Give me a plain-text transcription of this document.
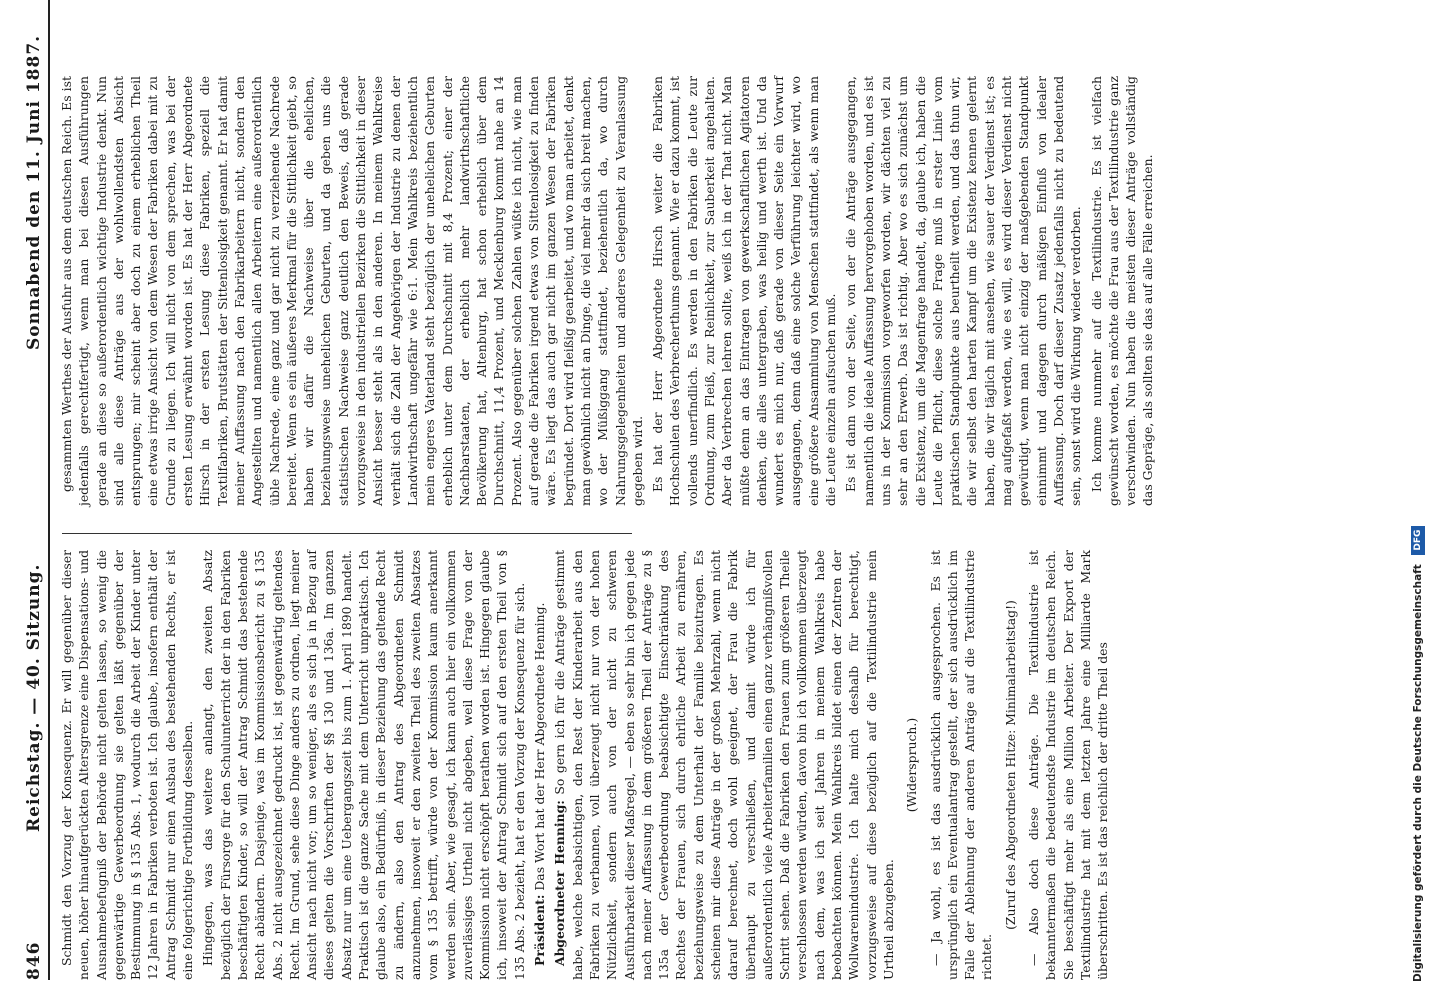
846
Reichstag. — 40. Sitzung.
Sonnabend den 11. Juni 1887.

Schmidt den Vorzug der Konsequenz. Er will gegenüber dieser neuen, höher hinaufgerückten Altersgrenze eine Dispensations- und Ausnahmebefugniß der Behörde nicht gelten lassen, so wenig die gegenwärtige Gewerbeordnung sie gelten läßt gegenüber der Bestimmung in § 135 Abs. 1, wodurch die Arbeit der Kinder unter 12 Jahren in Fabriken verboten ist. Ich glaube, insofern enthält der Antrag Schmidt nur einen Ausbau des bestehenden Rechts, er ist eine folgerichtige Fortbildung desselben. Hingegen, was das weitere anlangt, den zweiten Absatz bezüglich der Fürsorge für den Schulunterricht der in den Fabriken beschäftigten Kinder, so will der Antrag Schmidt das bestehende Recht abändern. Dasjenige, was im Kommissionsbericht zu § 135 Abs. 2 nicht ausgezeichnet gedruckt ist, ist gegenwärtig geltendes Recht. Im Grund, sehe diese Dinge anders zu ordnen, liegt meiner Ansicht nach nicht vor; um so weniger, als es sich ja in Bezug auf dieses gelten die Vorschriften der §§ 130 und 136a. Im ganzen Absatz nur um eine Uebergangszeit bis zum 1. April 1890 handelt. Praktisch ist die ganze Sache mit dem Unterricht unpraktisch. Ich glaube also, ein Bedürfniß, in dieser Beziehung das geltende Recht zu ändern, also den Antrag des Abgeordneten Schmidt anzunehmen, insoweit er den zweiten Theil des zweiten Absatzes vom § 135 betrifft, würde von der Kommission kaum anerkannt werden sein. Aber, wie gesagt, ich kann auch hier ein vollkommen zuverlässiges Urtheil nicht abgeben, weil diese Frage von der Kommission nicht erschöpft berathen worden ist. Hingegen glaube ich, insoweit der Antrag Schmidt sich auf den ersten Theil von § 135 Abs. 2 bezieht, hat er den Vorzug der Konsequenz für sich. Präsident: Das Wort hat der Herr Abgeordnete Henning. Abgeordneter Henning: So gern ich für die Anträge gestimmt habe, welche beabsichtigen, den Rest der Kinderarbeit aus den Fabriken zu verbannen, voll überzeugt nicht nur von der hohen Nützlichkeit, sondern auch von der nicht zu schweren Ausführbarkeit dieser Maßregel, — eben so sehr bin ich gegen jede nach meiner Auffassung in dem größeren Theil der Anträge zu § 135a der Gewerbeordnung beabsichtigte Einschränkung des Rechtes der Frauen, sich durch ehrliche Arbeit zu ernähren, beziehungsweise zu dem Unterhalt der Familie beizutragen. Es scheinen mir diese Anträge in der großen Mehrzahl, wenn nicht darauf berechnet, doch wohl geeignet, der Frau die Fabrik überhaupt zu verschließen, und damit würde ich für außerordentlich viele Arbeiterfamilien einen ganz verhängnißvollen Schritt sehen. Daß die Fabriken den Frauen zum größeren Theile verschlossen werden würden, davon bin ich vollkommen überzeugt nach dem, was ich seit Jahren in meinem Wahlkreis habe beobachten können. Mein Wahlkreis bildet einen der Zentren der Wollwarenindustrie. Ich halte mich deshalb für berechtigt, vorzugsweise auf diese bezüglich auf die Textilindustrie mein Urtheil abzugeben.

(Widerspruch.) — Ja wohl, es ist das ausdrücklich ausgesprochen. Es ist ursprünglich ein Eventualantrag gestellt, der sich ausdrücklich im Falle der Ablehnung der anderen Anträge auf die Textilindustrie richtet.

(Zuruf des Abgeordneten Hitze: Minimalarbeitstag!) — Also doch diese Anträge. Die Textilindustrie ist bekanntermaßen die bedeutendste Industrie im deutschen Reich. Sie beschäftigt mehr als eine Million Arbeiter. Der Export der Textilindustrie hat mit dem letzten Jahre eine Milliarde Mark überschritten. Es ist das reichlich der dritte Theil des

gesammten Werthes der Ausfuhr aus dem deutschen Reich. Es ist jedenfalls gerechtfertigt, wenn man bei diesen Ausführungen gerade an diese so außerordentlich wichtige Industrie denkt. Nun sind alle diese Anträge aus der wohlwollendsten Absicht entsprungen; mir scheint aber doch zu einem erheblichen Theil eine etwas irrige Ansicht von dem Wesen der Fabriken dabei mit zu Grunde zu liegen. Ich will nicht von dem sprechen, was bei der ersten Lesung erwähnt worden ist. Es hat der Herr Abgeordnete Hirsch in der ersten Lesung diese Fabriken, speziell die Textilfabriken, Brutstätten der Sittenlosigkeit genannt. Er hat damit meiner Auffassung nach den Fabrikarbeitern nicht, sondern den Angestellten und namentlich allen Arbeitern eine außerordentlich üble Nachrede, eine ganz und gar nicht zu verziehende Nachrede bereitet. Wenn es ein äußeres Merkmal für die Sittlichkeit giebt, so haben wir dafür die Nachweise über die ehelichen, beziehungsweise unehelichen Geburten, und da geben uns die statistischen Nachweise ganz deutlich den Beweis, daß gerade vorzugsweise in den industriellen Bezirken die Sittlichkeit in dieser Ansicht besser steht als in den anderen. In meinem Wahlkreise verhält sich die Zahl der Angehörigen der Industrie zu denen der Landwirthschaft ungefähr wie 6:1. Mein Wahlkreis beziehentlich mein engeres Vaterland steht bezüglich der unehelichen Geburten erheblich unter dem Durchschnitt mit 8,4 Prozent; einer der Nachbarstaaten, der erheblich mehr landwirthschaftliche Bevölkerung hat, Altenburg, hat schon erheblich über dem Durchschnitt, 11,4 Prozent, und Mecklenburg kommt nahe an 14 Prozent. Also gegenüber solchen Zahlen wüßte ich nicht, wie man auf gerade die Fabriken irgend etwas von Sittenlosigkeit zu finden wäre. Es liegt das auch gar nicht im ganzen Wesen der Fabriken begründet. Dort wird fleißig gearbeitet, und wo man arbeitet, denkt man gewöhnlich nicht an Dinge, die viel mehr da sich breit machen, wo der Müßiggang stattfindet, beziehentlich da, wo durch Nahrungsgelegenheiten und anderes Gelegenheit zu Veranlassung gegeben wird. Es hat der Herr Abgeordnete Hirsch weiter die Fabriken Hochschulen des Verbrecherthums genannt. Wie er dazu kommt, ist vollends unerfindlich. Es werden in den Fabriken die Leute zur Ordnung, zum Fleiß, zur Reinlichkeit, zur Sauberkeit angehalten. Aber da Verbrechen lehren sollte, weiß ich in der That nicht. Man müßte denn an das Eintragen von gewerkschaftlichen Agitatoren denken, die alles untergraben, was heilig und werth ist. Und da wundert es mich nur, daß gerade von dieser Seite ein Vorwurf ausgegangen, denn daß eine solche Verführung leichter wird, wo eine größere Ansammlung von Menschen stattfindet, als wenn man die Leute einzeln aufsuchen muß. Es ist dann von der Seite, von der die Anträge ausgegangen, namentlich die ideale Auffassung hervorgehoben worden, und es ist uns in der Kommission vorgeworfen worden, wir dächten viel zu sehr an den Erwerb. Das ist richtig. Aber wo es sich zunächst um die Existenz, um die Magenfrage handelt, da, glaube ich, haben die Leute die Pflicht, diese solche Frage muß in erster Linie vom praktischen Standpunkte aus beurtheilt werden, und das thun wir, die wir selbst den harten Kampf um die Existenz kennen gelernt haben, die wir täglich mit ansehen, wie sauer der Verdienst ist; es mag aufgefaßt werden, wie es will, es wird dieser Verdienst nicht gewürdigt, wenn man nicht einzig der maßgebenden Standpunkt einnimmt und dagegen durch mäßigen Einfluß von idealer Auffassung. Doch darf dieser Zusatz jedenfalls nicht zu bedeutend sein, sonst wird die Wirkung wieder verdorben. Ich komme nunmehr auf die Textilindustrie. Es ist vielfach gewünscht worden, es möchte die Frau aus der Textilindustrie ganz verschwinden. Nun haben die meisten dieser Anträge vollständig das Gepräge, als sollten sie das auf alle Fälle erreichen.

Digitalisierung gefördert durch die Deutsche Forschungsgemeinschaft DFG
